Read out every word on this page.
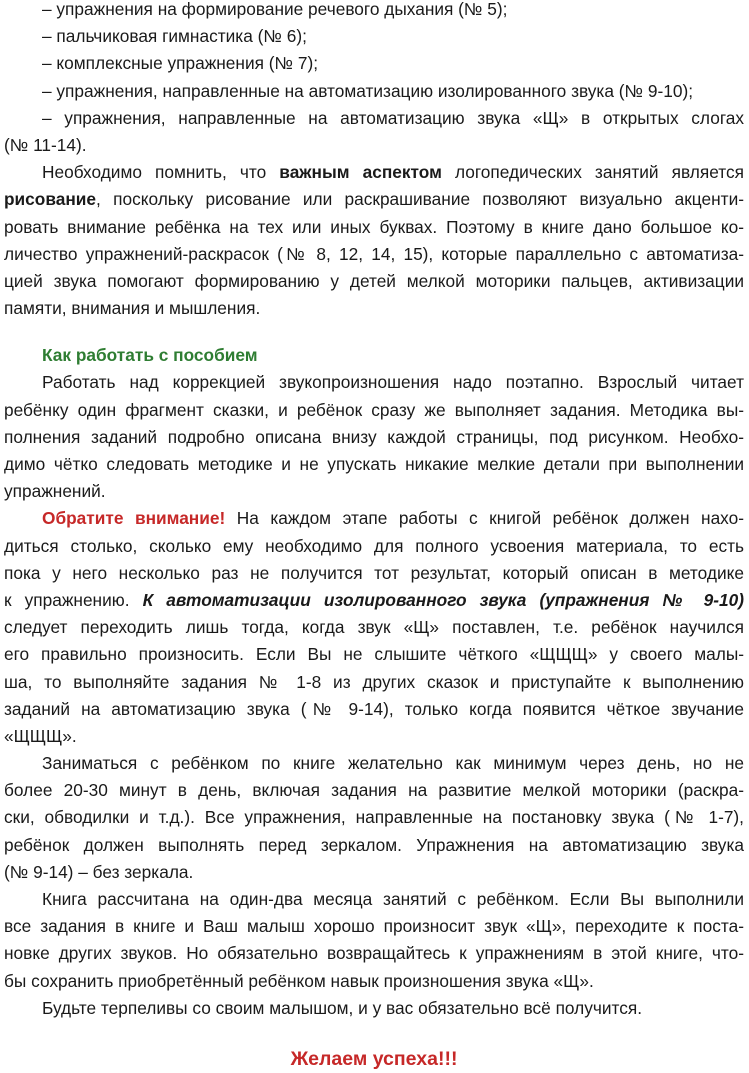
– упражнения на формирование речевого дыхания (№ 5);
– пальчиковая гимнастика (№ 6);
– комплексные упражнения (№ 7);
– упражнения, направленные на автоматизацию изолированного звука (№ 9-10);
– упражнения, направленные на автоматизацию звука «Щ» в открытых слогах
(№ 11-14).
Необходимо помнить, что важным аспектом логопедических занятий является
рисование, поскольку рисование или раскрашивание позволяют визуально акценти-
ровать внимание ребёнка на тех или иных буквах. Поэтому в книге дано большое ко-
личество упражнений-раскрасок (№ 8, 12, 14, 15), которые параллельно с автоматиза-
цией звука помогают формированию у детей мелкой моторики пальцев, активизации
памяти, внимания и мышления.
Как работать с пособием
Работать над коррекцией звукопроизношения надо поэтапно. Взрослый читает
ребёнку один фрагмент сказки, и ребёнок сразу же выполняет задания. Методика вы-
полнения заданий подробно описана внизу каждой страницы, под рисунком. Необхо-
димо чётко следовать методике и не упускать никакие мелкие детали при выполнении
упражнений.
Обратите внимание! На каждом этапе работы с книгой ребёнок должен нахо-
диться столько, сколько ему необходимо для полного усвоения материала, то есть
пока у него несколько раз не получится тот результат, который описан в методике
к упражнению. К автоматизации изолированного звука (упражнения № 9-10)
следует переходить лишь тогда, когда звук «Щ» поставлен, т.е. ребёнок научился
его правильно произносить. Если Вы не слышите чёткого «ЩЩЩ» у своего малы-
ша, то выполняйте задания № 1-8 из других сказок и приступайте к выполнению
заданий на автоматизацию звука (№ 9-14), только когда появится чёткое звучание
«ЩЩЩ».
Заниматься с ребёнком по книге желательно как минимум через день, но не
более 20-30 минут в день, включая задания на развитие мелкой моторики (раскра-
ски, обводилки и т.д.). Все упражнения, направленные на постановку звука (№ 1-7),
ребёнок должен выполнять перед зеркалом. Упражнения на автоматизацию звука
(№ 9-14) – без зеркала.
Книга рассчитана на один-два месяца занятий с ребёнком. Если Вы выполнили
все задания в книге и Ваш малыш хорошо произносит звук «Щ», переходите к поста-
новке других звуков. Но обязательно возвращайтесь к упражнениям в этой книге, что-
бы сохранить приобретённый ребёнком навык произношения звука «Щ».
Будьте терпеливы со своим малышом, и у вас обязательно всё получится.
Желаем успеха!!!
